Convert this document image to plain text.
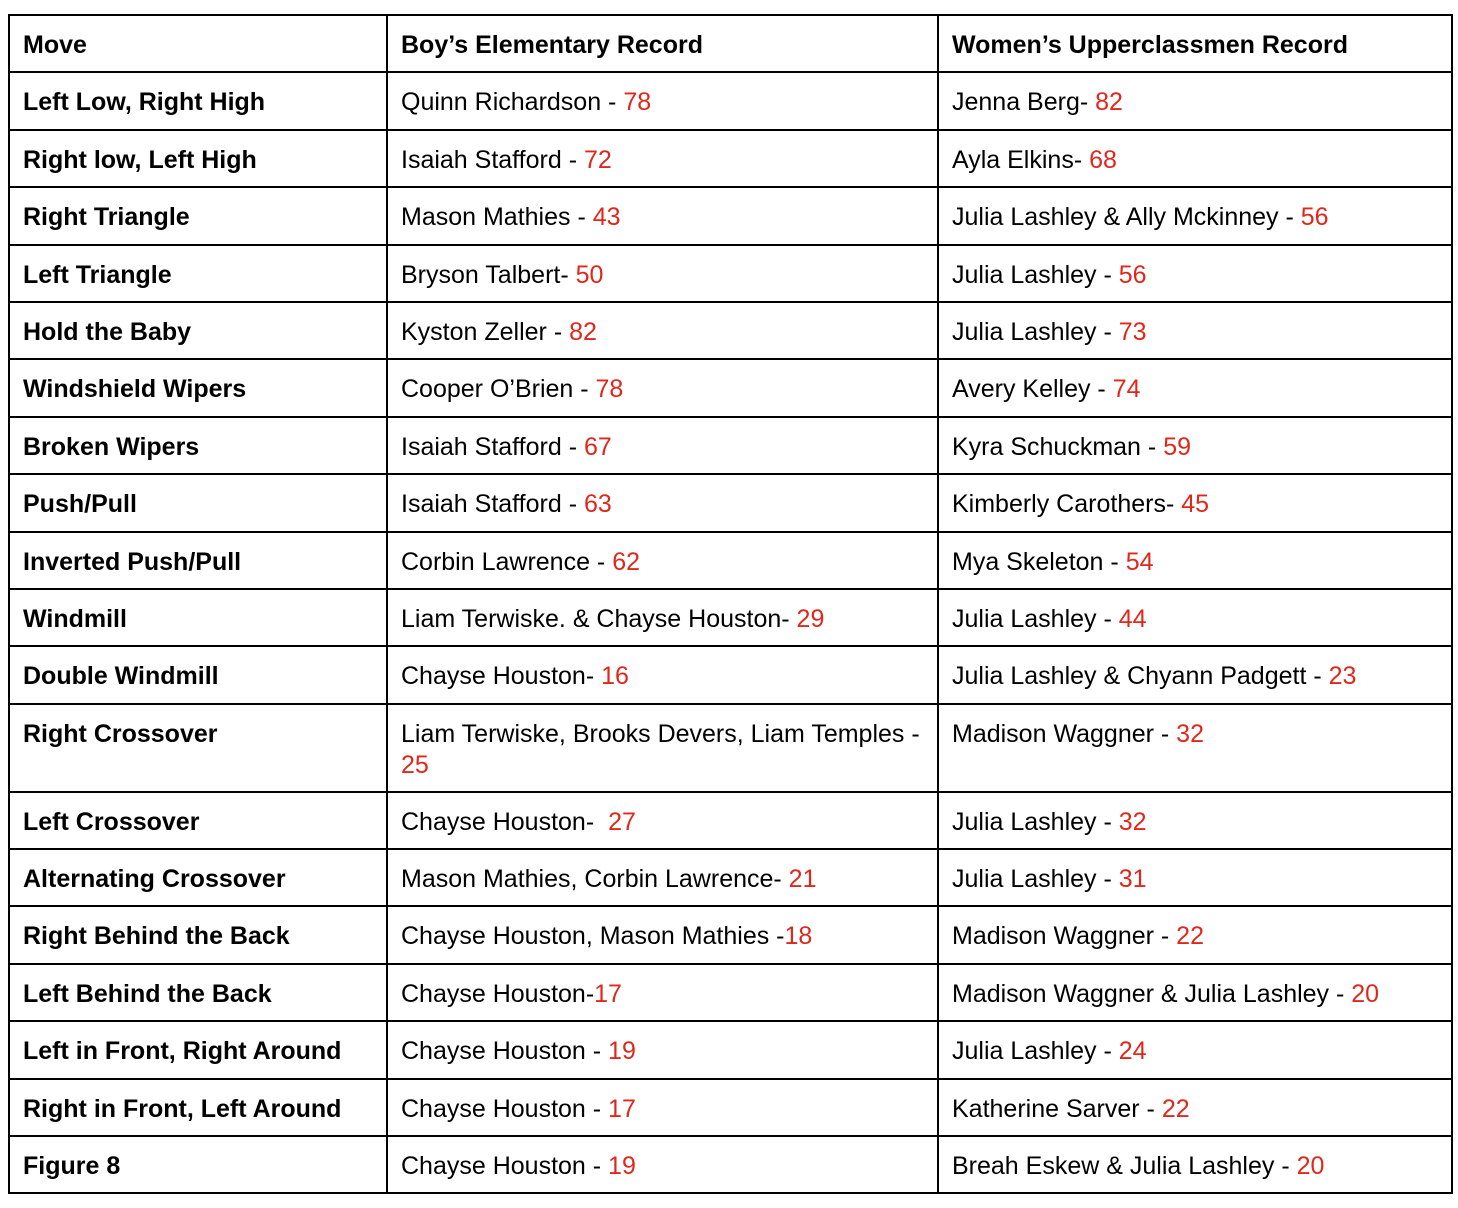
Move	Boy’s Elementary Record	Women’s Upperclassmen Record
Left Low, Right High	Quinn Richardson - 78	Jenna Berg- 82
Right low, Left High	Isaiah Stafford - 72	Ayla Elkins- 68
Right Triangle	Mason Mathies - 43	Julia Lashley & Ally Mckinney - 56
Left Triangle	Bryson Talbert- 50	Julia Lashley - 56
Hold the Baby	Kyston Zeller - 82	Julia Lashley - 73
Windshield Wipers	Cooper O’Brien - 78	Avery Kelley - 74
Broken Wipers	Isaiah Stafford - 67	Kyra Schuckman - 59
Push/Pull	Isaiah Stafford - 63	Kimberly Carothers- 45
Inverted Push/Pull	Corbin Lawrence - 62	Mya Skeleton - 54
Windmill	Liam Terwiske. & Chayse Houston- 29	Julia Lashley - 44
Double Windmill	Chayse Houston- 16	Julia Lashley & Chyann Padgett - 23
Right Crossover	Liam Terwiske, Brooks Devers, Liam Temples - 25	Madison Waggner - 32
Left Crossover	Chayse Houston- 27	Julia Lashley - 32
Alternating Crossover	Mason Mathies, Corbin Lawrence- 21	Julia Lashley - 31
Right Behind the Back	Chayse Houston, Mason Mathies -18	Madison Waggner - 22
Left Behind the Back	Chayse Houston-17	Madison Waggner & Julia Lashley - 20
Left in Front, Right Around	Chayse Houston - 19	Julia Lashley - 24
Right in Front, Left Around	Chayse Houston - 17	Katherine Sarver - 22
Figure 8	Chayse Houston - 19	Breah Eskew & Julia Lashley - 20
